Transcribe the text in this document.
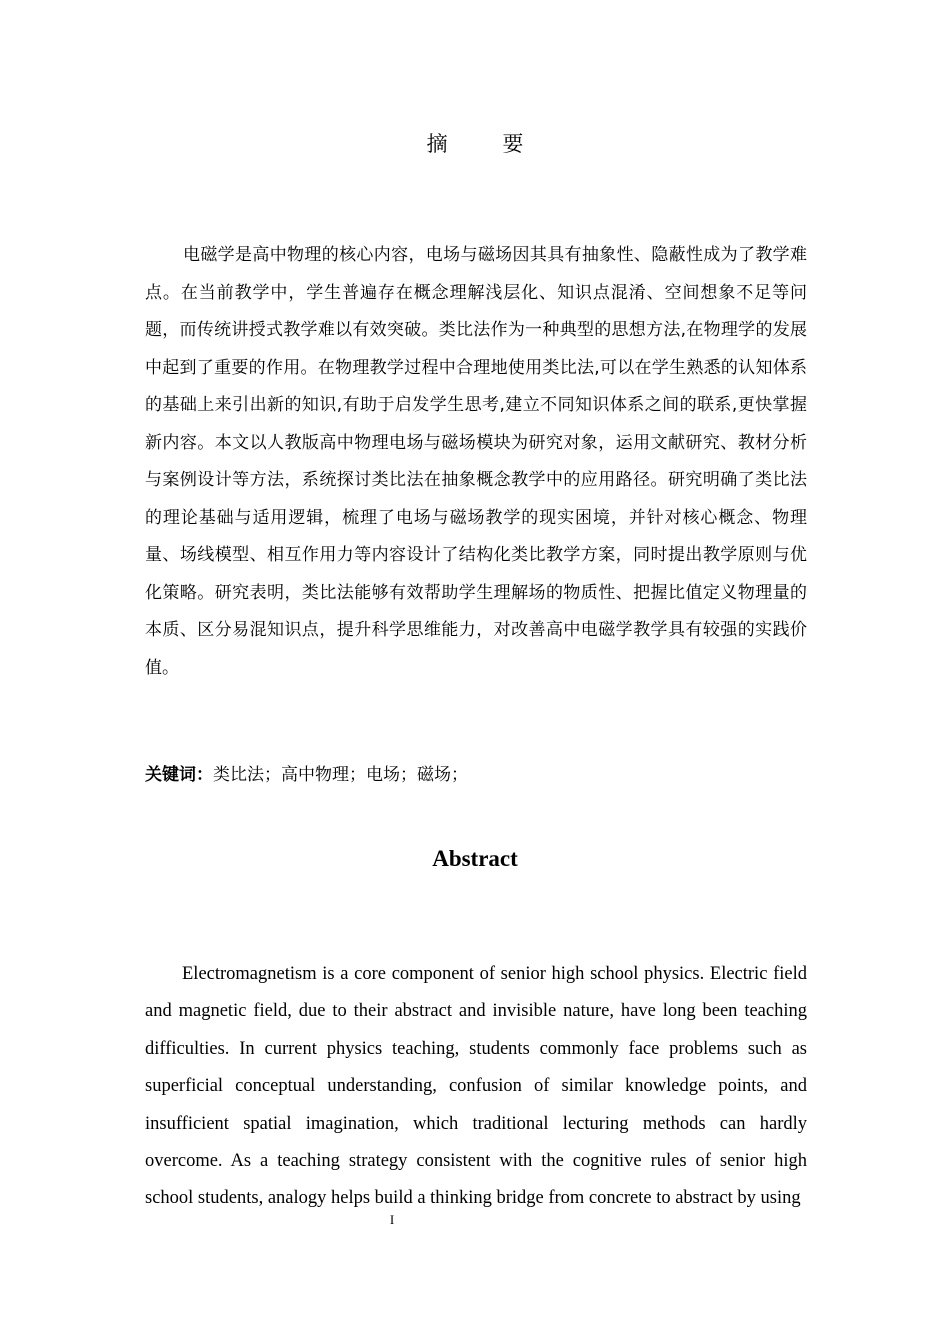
摘 要

电磁学是高中物理的核心内容，电场与磁场因其具有抽象性、隐蔽性成为了教学难点。在当前教学中，学生普遍存在概念理解浅层化、知识点混淆、空间想象不足等问题，而传统讲授式教学难以有效突破。类比法作为一种典型的思想方法,在物理学的发展中起到了重要的作用。在物理教学过程中合理地使用类比法,可以在学生熟悉的认知体系的基础上来引出新的知识,有助于启发学生思考,建立不同知识体系之间的联系,更快掌握新内容。本文以人教版高中物理电场与磁场模块为研究对象，运用文献研究、教材分析与案例设计等方法，系统探讨类比法在抽象概念教学中的应用路径。研究明确了类比法的理论基础与适用逻辑，梳理了电场与磁场教学的现实困境，并针对核心概念、物理量、场线模型、相互作用力等内容设计了结构化类比教学方案，同时提出教学原则与优化策略。研究表明，类比法能够有效帮助学生理解场的物质性、把握比值定义物理量的本质、区分易混知识点，提升科学思维能力，对改善高中电磁学教学具有较强的实践价值。

关键词：类比法；高中物理；电场；磁场；
Abstract

Electromagnetism is a core component of senior high school physics. Electric field and magnetic field, due to their abstract and invisible nature, have long been teaching difficulties. In current physics teaching, students commonly face problems such as superficial conceptual understanding, confusion of similar knowledge points, and insufficient spatial imagination, which traditional lecturing methods can hardly overcome. As a teaching strategy consistent with the cognitive rules of senior high school students, analogy helps build a thinking bridge from concrete to abstract by using

I
